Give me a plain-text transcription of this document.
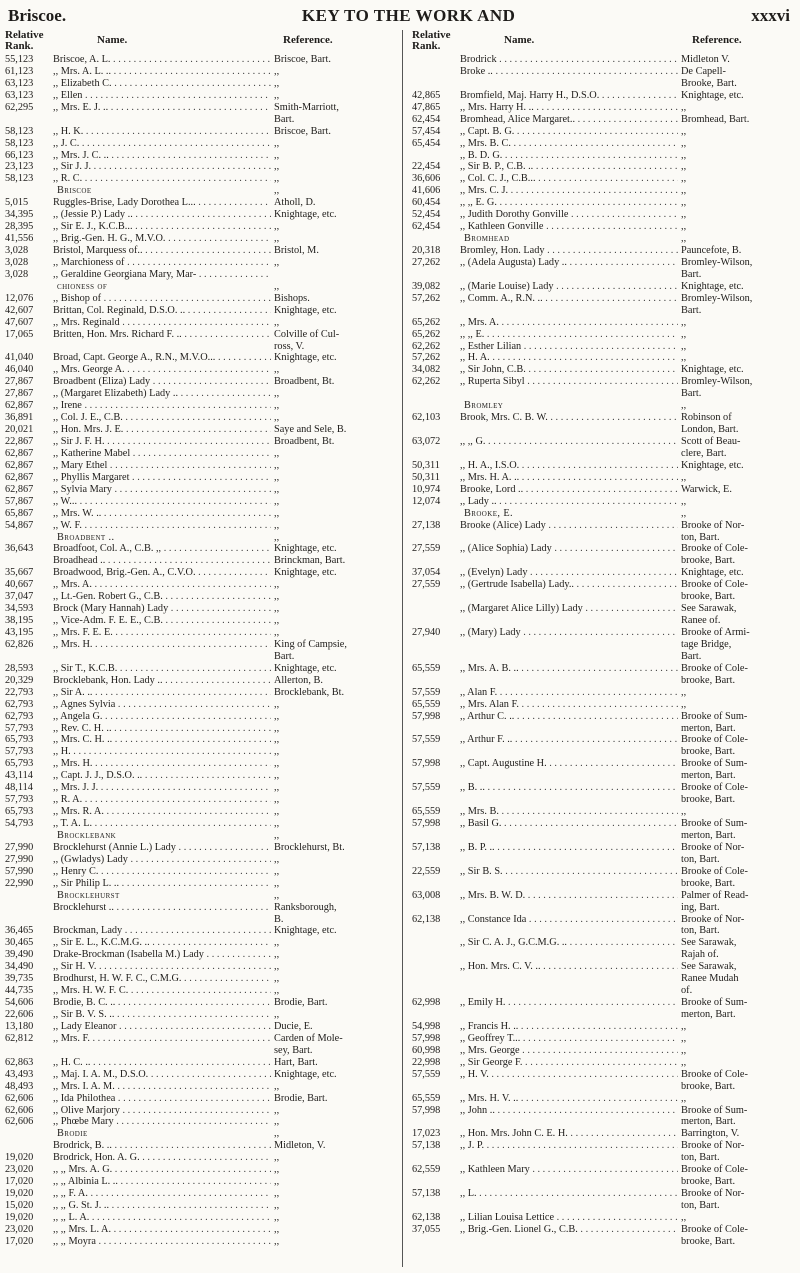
Briscoe.	KEY TO THE WORK AND	xxxvi
Relative Rank.	Name.	Reference.
55,123	Briscoe, A. L. . .	Briscoe, Bart.
61,123	,, Mrs. A. L. .. . .	,,
63,123	,, Elizabeth C. . .	,,
63,123	,, Ellen . .	,,
62,295	,, Mrs. E. J. .. . .	Smith-Marriott,
Bart.
58,123	,, H. K. . .	Briscoe, Bart.
58,123	,, J. C. . .	,,
66,123	,, Mrs. J. C. .. . .	,,
23,123	,, Sir J. J. . .	,,
58,123	,, R. C. . .	,,
Briscoe	,,
5,015	Ruggles-Brise, Lady Dorothea L... . .	Atholl, D.
34,395	,, (Jessie P.) Lady .. . .	Knightage, etc.
28,395	,, Sir E. J., K.C.B... . .	,,
41,556	,, Brig.-Gen. H. G., M.V.O. . .	,,
3,028	Bristol, Marquess of.. . .	Bristol, M.
3,028	,, Marchioness of . .	,,
3,028	,, Geraldine Georgiana Mary, Mar- . .
chioness of	,,
12,076	,, Bishop of . .	Bishops.
42,607	Brittan, Col. Reginald, D.S.O. .. . .	Knightage, etc.
47,607	,, Mrs. Reginald . .	,,
17,065	Britten, Hon. Mrs. Richard F. .. . .	Colville of Cul-
ross, V.
41,040	Broad, Capt. George A., R.N., M.V.O... . .	Knightage, etc.
46,040	,, Mrs. George A. . .	,,
27,867	Broadbent (Eliza) Lady . .	Broadbent, Bt.
27,867	,, (Margaret Elizabeth) Lady .. . .	,,
62,867	,, Irene . .	,,
36,891	,, Col. J. E., C.B. . .	,,
20,021	,, Hon. Mrs. J. E. . .	Saye and Sele, B.
22,867	,, Sir J. F. H. . .	Broadbent, Bt.
62,867	,, Katherine Mabel . .	,,
62,867	,, Mary Ethel . .	,,
62,867	,, Phyllis Margaret . .	,,
62,867	,, Sylvia Mary . .	,,
57,867	,, W... . .	,,
65,867	,, Mrs. W. .. . .	,,
54,867	,, W. F. . .	,,
Broadbent ..	,,
36,643	Broadfoot, Col. A., C.B. ,, . .	Knightage, etc.
Broadhead .. . .	Brinckman, Bart.
35,667	Broadwood, Brig.-Gen. A., C.V.O. . .	Knightage, etc.
40,667	,, Mrs. A. . .	,,
37,047	,, Lt.-Gen. Robert G., C.B. . .	,,
34,593	Brock (Mary Hannah) Lady . .	,,
38,195	,, Vice-Adm. F. E. E., C.B. . .	,,
43,195	,, Mrs. F. E. E. . .	,,
62,826	,, Mrs. H. . .	King of Campsie,
Bart.
28,593	,, Sir T., K.C.B. . .	Knightage, etc.
20,329	Brocklebank, Hon. Lady .. . .	Allerton, B.
22,793	,, Sir A. .. . .	Brocklebank, Bt.
62,793	,, Agnes Sylvia . .	,,
62,793	,, Angela G. . .	,,
57,793	,, Rev. C. H. .. . .	,,
65,793	,, Mrs. C. H. .. . .	,,
57,793	,, H. . .	,,
65,793	,, Mrs. H. . .	,,
43,114	,, Capt. J. J., D.S.O. .. . .	,,
48,114	,, Mrs. J. J. . .	,,
57,793	,, R. A. . .	,,
65,793	,, Mrs. R. A. . .	,,
54,793	,, T. A. L. . .	,,
Brocklebank	,,
27,990	Brocklehurst (Annie L.) Lady . .	Brocklehurst, Bt.
27,990	,, (Gwladys) Lady . .	,,
57,990	,, Henry C. . .	,,
22,990	,, Sir Philip L. .. . .	,,
Brocklehurst	,,
Brocklehurst .. . .	Ranksborough,
B.
36,465	Brockman, Lady . .	Knightage, etc.
30,465	,, Sir E. L., K.C.M.G. .. . .	,,
39,490	Drake-Brockman (Isabella M.) Lady . .	,,
34,490	,, Sir H. V. . .	,,
39,735	Brodhurst, H. W. F. C., C.M.G. . .	,,
44,735	,, Mrs. H. W. F. C. . .	,,
54,606	Brodie, B. C. .. . .	Brodie, Bart.
22,606	,, Sir B. V. S. .. . .	,,
13,180	,, Lady Eleanor . .	Ducie, E.
62,812	,, Mrs. F. . .	Carden of Mole-
sey, Bart.
62,863	,, H. C. .. . .	Hart, Bart.
43,493	,, Maj. I. A. M., D.S.O. . .	Knightage, etc.
48,493	,, Mrs. I. A. M. . .	,,
62,606	,, Ida Philothea . .	Brodie, Bart.
62,606	,, Olive Marjory . .	,,
62,606	,, Phœbe Mary . .	,,
Brodie	,,
Brodrick, B. .. . .	Midleton, V.
19,020	Brodrick, Hon. A. G. . .	,,
23,020	,, ,, Mrs. A. G. . .	,,
17,020	,, ,, Albinia L. .. . .	,,
19,020	,, ,, F. A. . .	,,
15,020	,, ,, G. St. J. .. . .	,,
19,020	,, ,, L. A. . .	,,
23,020	,, ,, Mrs. L. A. . .	,,
17,020	,, ,, Moyra . .	,,
Relative Rank.	Name.	Reference.
Brodrick . .	Midleton V.
Broke .. . .	De Capell-
Brooke, Bart.
42,865	Bromfield, Maj. Harry H., D.S.O. . .	Knightage, etc.
47,865	,, Mrs. Harry H. .. . .	,,
62,454	Bromhead, Alice Margaret.. . .	Bromhead, Bart.
57,454	,, Capt. B. G. . .	,,
65,454	,, Mrs. B. C. . .	,,
,, B. D. G. . .	,,
22,454	,, Sir B. P., C.B. .. . .	,,
36,606	,, Col. C. J., C.B... . .	,,
41,606	,, Mrs. C. J. . .	,,
60,454	,, ,, E. G. . .	,,
52,454	,, Judith Dorothy Gonville . .	,,
62,454	,, Kathleen Gonville . .	,,
Bromhead	,,
20,318	Bromley, Hon. Lady . .	Pauncefote, B.
27,262	,, (Adela Augusta) Lady .. . .	Bromley-Wilson,
Bart.
39,082	,, (Marie Louise) Lady . .	Knightage, etc.
57,262	,, Comm. A., R.N. .. . .	Bromley-Wilson,
Bart.
65,262	,, Mrs. A. . .	,,
65,262	,, ,, E. . .	,,
62,262	,, Esther Lilian . .	,,
57,262	,, H. A. . .	,,
34,082	,, Sir John, C.B. . .	Knightage, etc.
62,262	,, Ruperta Sibyl . .	Bromley-Wilson,
Bart.
Bromley	,,
62,103	Brook, Mrs. C. B. W. . .	Robinson of
London, Bart.
63,072	,, ,, G. . .	Scott of Beau-
clere, Bart.
50,311	,, H. A., I.S.O. . .	Knightage, etc.
50,311	,, Mrs. H. A. .. . .	,,
10,974	Brooke, Lord .. . .	Warwick, E.
12,074	,, Lady .. . .	,,
Brooke, E.	,,
27,138	Brooke (Alice) Lady . .	Brooke of Nor-
ton, Bart.
27,559	,, (Alice Sophia) Lady . .	Brooke of Cole-
brooke, Bart.
37,054	,, (Evelyn) Lady . .	Knightage, etc.
27,559	,, (Gertrude Isabella) Lady.. . .	Brooke of Cole-
brooke, Bart.
,, (Margaret Alice Lilly) Lady . .	See Sarawak,
Ranee of.
27,940	,, (Mary) Lady . .	Brooke of Armi-
tage Bridge,
Bart.
65,559	,, Mrs. A. B. .. . .	Brooke of Cole-
brooke, Bart.
57,559	,, Alan F. . .	,,
65,559	,, Mrs. Alan F. . .	,,
57,998	,, Arthur C. .. . .	Brooke of Sum-
merton, Bart.
57,559	,, Arthur F. .. . .	Brooke of Cole-
brooke, Bart.
57,998	,, Capt. Augustine H. . .	Brooke of Sum-
merton, Bart.
57,559	,, B. .. . .	Brooke of Cole-
brooke, Bart.
65,559	,, Mrs. B. . .	,,
57,998	,, Basil G. . .	Brooke of Sum-
merton, Bart.
57,138	,, B. P. .. . .	Brooke of Nor-
ton, Bart.
22,559	,, Sir B. S. . .	Brooke of Cole-
brooke, Bart.
63,008	,, Mrs. B. W. D. . .	Palmer of Read-
ing, Bart.
62,138	,, Constance Ida . .	Brooke of Nor-
ton, Bart.
,, Sir C. A. J., G.C.M.G. .. . .	See Sarawak,
Rajah of.
,, Hon. Mrs. C. V. .. . .	See Sarawak,
Ranee Mudah
of.
62,998	,, Emily H. . .	Brooke of Sum-
merton, Bart.
54,998	,, Francis H. .. . .	,,
57,998	,, Geoffrey T... . .	,,
60,998	,, Mrs. George . .	,,
22,998	,, Sir George F. . .	,,
57,559	,, H. V. . .	Brooke of Cole-
brooke, Bart.
65,559	,, Mrs. H. V. .. . .	,,
57,998	,, John .. . .	Brooke of Sum-
merton, Bart.
17,023	,, Hon. Mrs. John C. E. H. . .	Barrington, V.
57,138	,, J. P. . .	Brooke of Nor-
ton, Bart.
62,559	,, Kathleen Mary . .	Brooke of Cole-
brooke, Bart.
57,138	,, L. . .	Brooke of Nor-
ton, Bart.
62,138	,, Lilian Louisa Lettice . .	,,
37,055	,, Brig.-Gen. Lionel G., C.B. . .	Brooke of Cole-
brooke, Bart.
